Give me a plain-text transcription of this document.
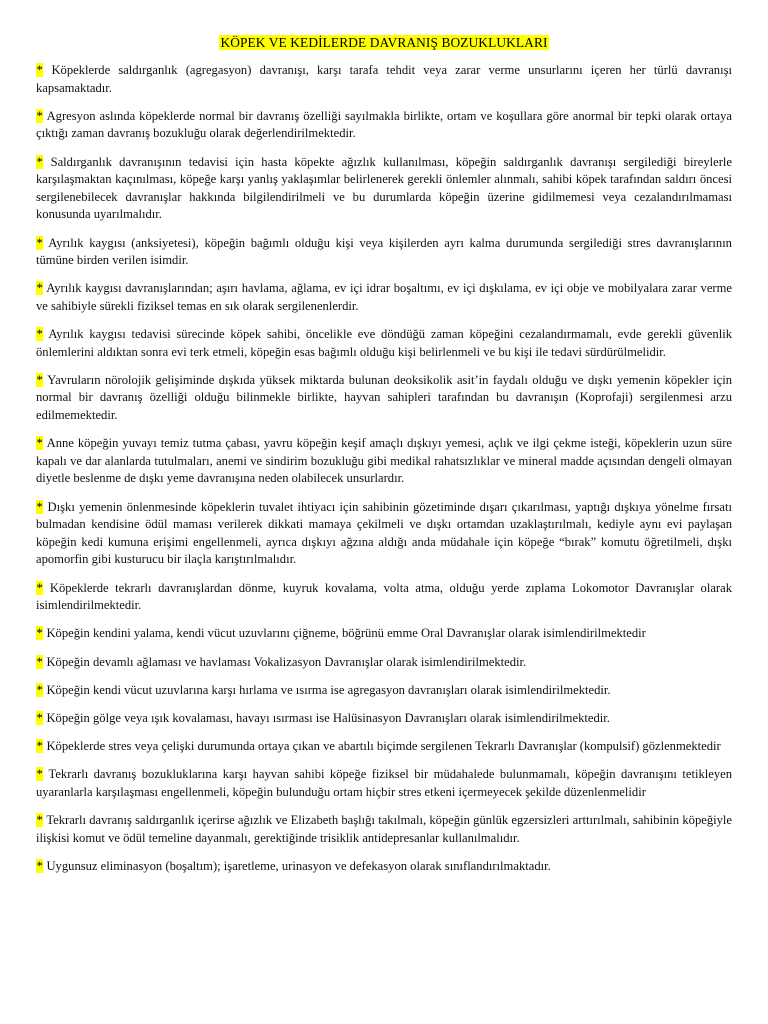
KÖPEK VE KEDİLERDE DAVRANIŞ BOZUKLUKLARI

* Köpeklerde saldırganlık (agregasyon) davranışı, karşı tarafa tehdit veya zarar verme unsurlarını içeren her türlü davranışı kapsamaktadır.

* Agresyon aslında köpeklerde normal bir davranış özelliği sayılmakla birlikte, ortam ve koşullara göre anormal bir tepki olarak ortaya çıktığı zaman davranış bozukluğu olarak değerlendirilmektedir.

* Saldırganlık davranışının tedavisi için hasta köpekte ağızlık kullanılması, köpeğin saldırganlık davranışı sergilediği bireylerle karşılaşmaktan kaçınılması, köpeğe karşı yanlış yaklaşımlar belirlenerek gerekli önlemler alınmalı, sahibi köpek tarafından saldırı öncesi sergilenebilecek davranışlar hakkında bilgilendirilmeli ve bu durumlarda köpeğin üzerine gidilmemesi veya cezalandırılmaması konusunda uyarılmalıdır.

* Ayrılık kaygısı (anksiyetesi), köpeğin bağımlı olduğu kişi veya kişilerden ayrı kalma durumunda sergilediği stres davranışlarının tümüne birden verilen isimdir.

* Ayrılık kaygısı davranışlarından; aşırı havlama, ağlama, ev içi idrar boşaltımı, ev içi dışkılama, ev içi obje ve mobilyalara zarar verme ve sahibiyle sürekli fiziksel temas en sık olarak sergilenenlerdir.

* Ayrılık kaygısı tedavisi sürecinde köpek sahibi, öncelikle eve döndüğü zaman köpeğini cezalandırmamalı, evde gerekli güvenlik önlemlerini aldıktan sonra evi terk etmeli, köpeğin esas bağımlı olduğu kişi belirlenmeli ve bu kişi ile tedavi sürdürülmelidir.

* Yavruların nörolojik gelişiminde dışkıda yüksek miktarda bulunan deoksikolik asit’in faydalı olduğu ve dışkı yemenin köpekler için normal bir davranış özelliği olduğu bilinmekle birlikte, hayvan sahipleri tarafından bu davranışın (Koprofaji) sergilenmesi arzu edilmemektedir.

* Anne köpeğin yuvayı temiz tutma çabası, yavru köpeğin keşif amaçlı dışkıyı yemesi, açlık ve ilgi çekme isteği, köpeklerin uzun süre kapalı ve dar alanlarda tutulmaları, anemi ve sindirim bozukluğu gibi medikal rahatsızlıklar ve mineral madde açısından dengeli olmayan diyetle beslenme de dışkı yeme davranışına neden olabilecek unsurlardır.

* Dışkı yemenin önlenmesinde köpeklerin tuvalet ihtiyacı için sahibinin gözetiminde dışarı çıkarılması, yaptığı dışkıya yönelme fırsatı bulmadan kendisine ödül maması verilerek dikkati mamaya çekilmeli ve dışkı ortamdan uzaklaştırılmalı, kediyle aynı evi paylaşan köpeğin kedi kumuna erişimi engellenmeli, ayrıca dışkıyı ağzına aldığı anda müdahale için köpeğe “bırak” komutu öğretilmeli, dışkı apomorfin gibi kusturucu bir ilaçla karıştırılmalıdır.

* Köpeklerde tekrarlı davranışlardan dönme, kuyruk kovalama, volta atma, olduğu yerde zıplama Lokomotor Davranışlar olarak isimlendirilmektedir.

* Köpeğin kendini yalama, kendi vücut uzuvlarını çiğneme, böğrünü emme Oral Davranışlar olarak isimlendirilmektedir

* Köpeğin devamlı ağlaması ve havlaması Vokalizasyon Davranışlar olarak isimlendirilmektedir.

* Köpeğin kendi vücut uzuvlarına karşı hırlama ve ısırma ise agregasyon davranışları olarak isimlendirilmektedir.

* Köpeğin gölge veya ışık kovalaması, havayı ısırması ise Halüsinasyon Davranışları olarak isimlendirilmektedir.

* Köpeklerde stres veya çelişki durumunda ortaya çıkan ve abartılı biçimde sergilenen Tekrarlı Davranışlar (kompulsif) gözlenmektedir

* Tekrarlı davranış bozukluklarına karşı hayvan sahibi köpeğe fiziksel bir müdahalede bulunmamalı, köpeğin davranışını tetikleyen uyaranlarla karşılaşması engellenmeli, köpeğin bulunduğu ortam hiçbir stres etkeni içermeyecek şekilde düzenlenmelidir

* Tekrarlı davranış saldırganlık içerirse ağızlık ve Elizabeth başlığı takılmalı, köpeğin günlük egzersizleri arttırılmalı, sahibinin köpeğiyle ilişkisi komut ve ödül temeline dayanmalı, gerektiğinde trisiklik antidepresanlar kullanılmalıdır.

* Uygunsuz eliminasyon (boşaltım); işaretleme, urinasyon ve defekasyon olarak sınıflandırılmaktadır.
